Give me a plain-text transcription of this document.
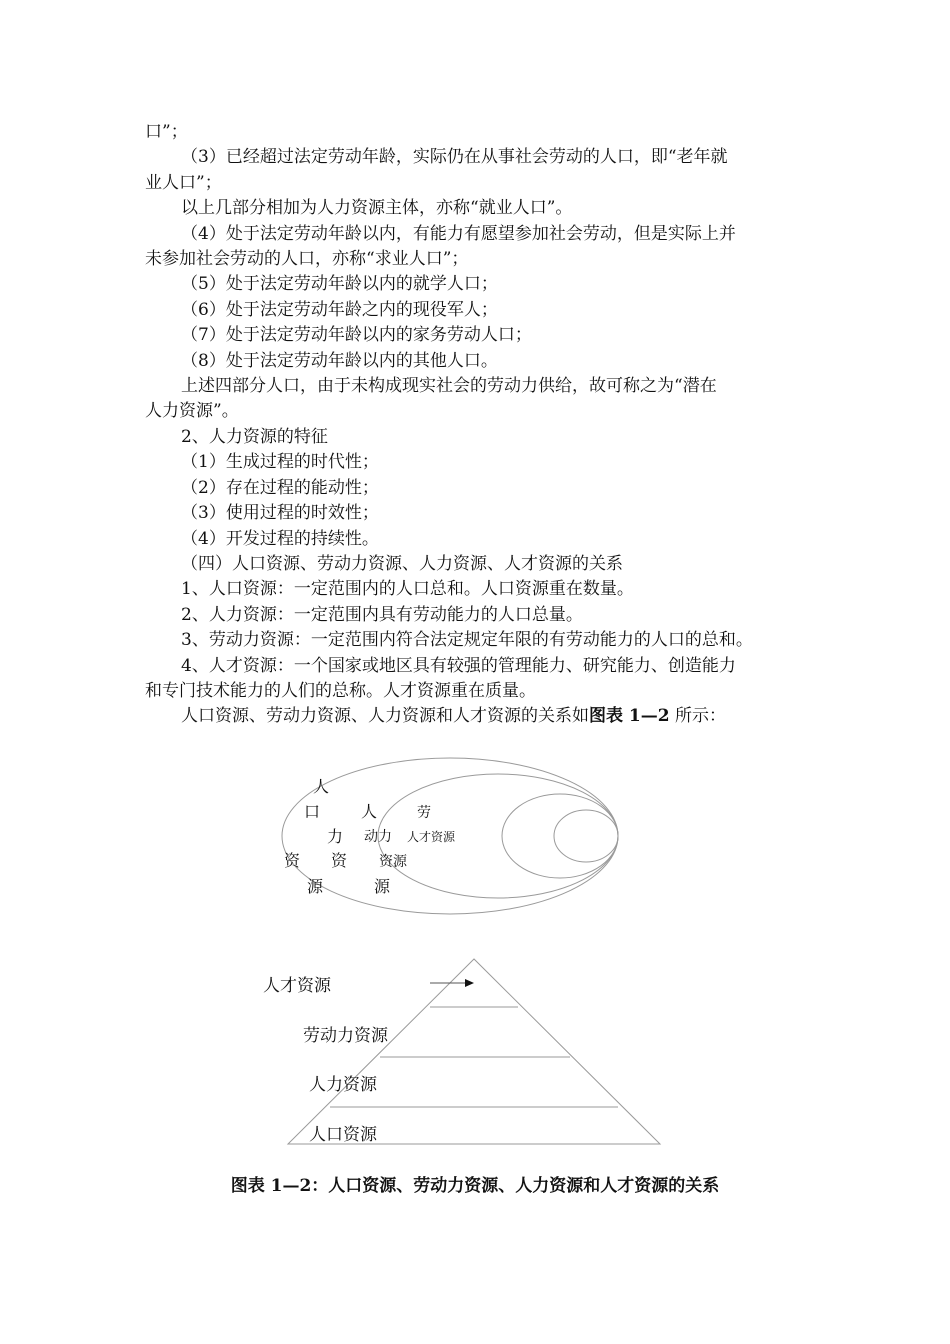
口”；

（3）已经超过法定劳动年龄，实际仍在从事社会劳动的人口，即“老年就

业人口”；

以上几部分相加为人力资源主体，亦称“就业人口”。

（4）处于法定劳动年龄以内，有能力有愿望参加社会劳动，但是实际上并

未参加社会劳动的人口，亦称“求业人口”；

（5）处于法定劳动年龄以内的就学人口；

（6）处于法定劳动年龄之内的现役军人；

（7）处于法定劳动年龄以内的家务劳动人口；

（8）处于法定劳动年龄以内的其他人口。

上述四部分人口，由于未构成现实社会的劳动力供给，故可称之为“潜在

人力资源”。

2、人力资源的特征

（1）生成过程的时代性；

（2）存在过程的能动性；

（3）使用过程的时效性；

（4）开发过程的持续性。

（四）人口资源、劳动力资源、人力资源、人才资源的关系

1、人口资源：一定范围内的人口总和。人口资源重在数量。

2、人力资源：一定范围内具有劳动能力的人口总量。

3、劳动力资源：一定范围内符合法定规定年限的有劳动能力的人口的总和。

4、人才资源：一个国家或地区具有较强的管理能力、研究能力、创造能力

和专门技术能力的人们的总称。人才资源重在质量。

人口资源、劳动力资源、人力资源和人才资源的关系如图表 1—2 所示：

人
口
资
源
人
力
资
源
劳
动力
资源
人才资源
人才资源
劳动力资源
人力资源
人口资源
图表 1—2：人口资源、劳动力资源、人力资源和人才资源的关系
